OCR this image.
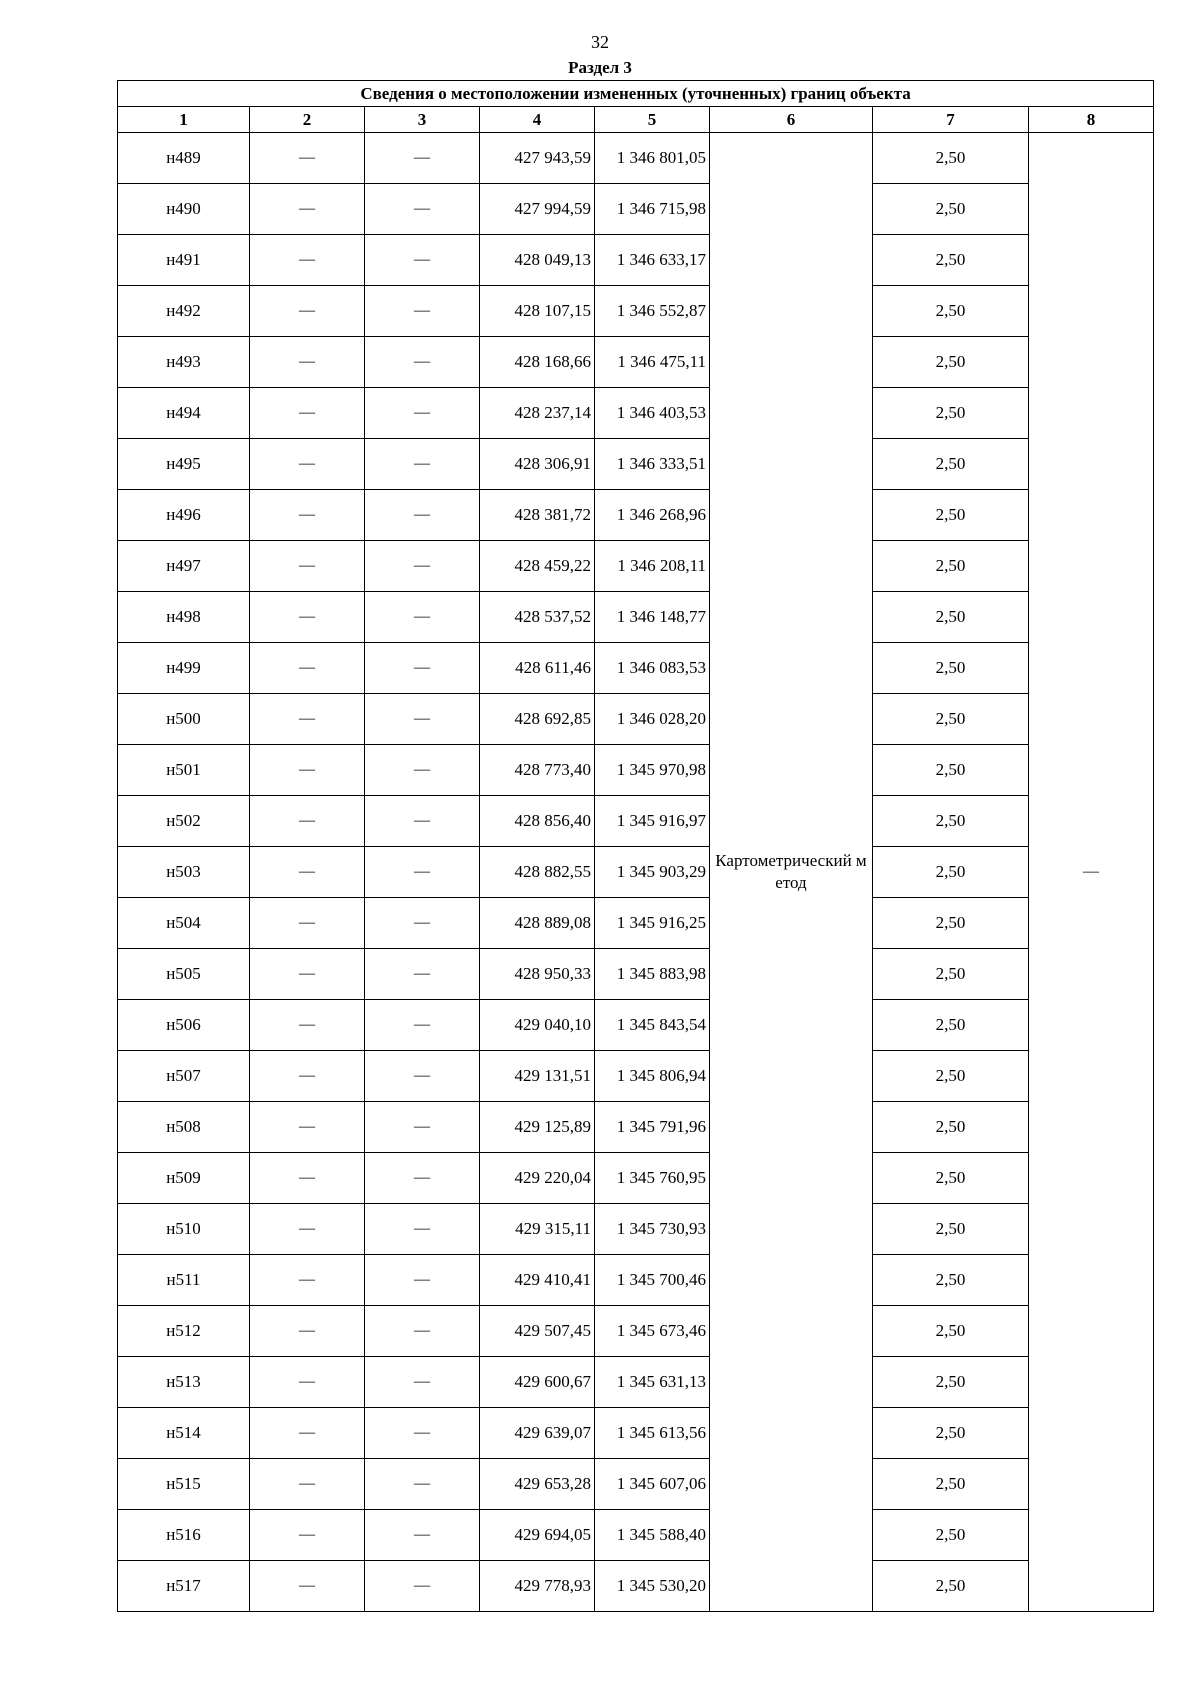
32
Раздел 3
Сведения о местоположении измененных (уточненных) границ объекта							
1	2	3	4	5	6	7	8
н489	—	—	427 943,59	1 346 801,05	Картометрический метод	2,50	—
н490	—	—	427 994,59	1 346 715,98		2,50	
н491	—	—	428 049,13	1 346 633,17		2,50	
н492	—	—	428 107,15	1 346 552,87		2,50	
н493	—	—	428 168,66	1 346 475,11		2,50	
н494	—	—	428 237,14	1 346 403,53		2,50	
н495	—	—	428 306,91	1 346 333,51		2,50	
н496	—	—	428 381,72	1 346 268,96		2,50	
н497	—	—	428 459,22	1 346 208,11		2,50	
н498	—	—	428 537,52	1 346 148,77		2,50	
н499	—	—	428 611,46	1 346 083,53		2,50	
н500	—	—	428 692,85	1 346 028,20		2,50	
н501	—	—	428 773,40	1 345 970,98		2,50	
н502	—	—	428 856,40	1 345 916,97		2,50	
н503	—	—	428 882,55	1 345 903,29		2,50	
н504	—	—	428 889,08	1 345 916,25		2,50	
н505	—	—	428 950,33	1 345 883,98		2,50	
н506	—	—	429 040,10	1 345 843,54		2,50	
н507	—	—	429 131,51	1 345 806,94		2,50	
н508	—	—	429 125,89	1 345 791,96		2,50	
н509	—	—	429 220,04	1 345 760,95		2,50	
н510	—	—	429 315,11	1 345 730,93		2,50	
н511	—	—	429 410,41	1 345 700,46		2,50	
н512	—	—	429 507,45	1 345 673,46		2,50	
н513	—	—	429 600,67	1 345 631,13		2,50	
н514	—	—	429 639,07	1 345 613,56		2,50	
н515	—	—	429 653,28	1 345 607,06		2,50	
н516	—	—	429 694,05	1 345 588,40		2,50	
н517	—	—	429 778,93	1 345 530,20		2,50	
